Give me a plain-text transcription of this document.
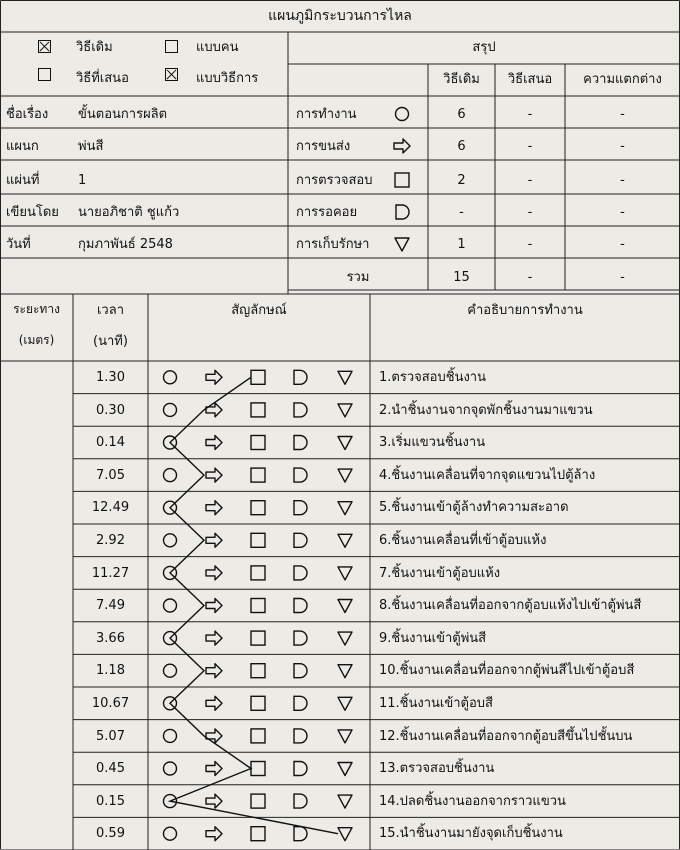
แผนภูมิกระบวนการไหล
วิธีเดิม	แบบคน
วิธีที่เสนอ	แบบวิธีการ
สรุป
วิธีเดิม	วิธีเสนอ	ความแตกต่าง
ชื่อเรื่อง ขั้นตอนการผลิต
แผนก	พ่นสี
แผ่นที่	1
เขียนโดย นายอภิชาติ ชูแก้ว
วันที่	กุมภาพันธ์ 2548
การทำงาน	6	-	-
การขนส่ง	6	-	-
การตรวจสอบ	2	-	-
การรอคอย	-	-	-
การเก็บรักษา	1	-	-
รวม	15	-	-
ระยะทาง
(เมตร)
เวลา
(นาที)
สัญลักษณ์	คำอธิบายการทำงาน
1.30	1.ตรวจสอบชิ้นงาน
0.30	2.นำชิ้นงานจากจุดพักชิ้นงานมาแขวน
0.14	3.เริ่มแขวนชิ้นงาน
7.05	4.ชิ้นงานเคลื่อนที่จากจุดแขวนไปตู้ล้าง
12.49	5.ชิ้นงานเข้าตู้ล้างทำความสะอาด
2.92	6.ชิ้นงานเคลื่อนที่เข้าตู้อบแห้ง
11.27	7.ชิ้นงานเข้าตู้อบแห้ง
7.49	8.ชิ้นงานเคลื่อนที่ออกจากตู้อบแห้งไปเข้าตู้พ่นสี
3.66	9.ชิ้นงานเข้าตู้พ่นสี
1.18	10.ชิ้นงานเคลื่อนที่ออกจากตู้พ่นสีไปเข้าตู้อบสี
10.67	11.ชิ้นงานเข้าตู้อบสี
5.07	12.ชิ้นงานเคลื่อนที่ออกจากตู้อบสีขึ้นไปชั้นบน
0.45	13.ตรวจสอบชิ้นงาน
0.15	14.ปลดชิ้นงานออกจากราวแขวน
0.59	15.นำชิ้นงานมายังจุดเก็บชิ้นงาน
